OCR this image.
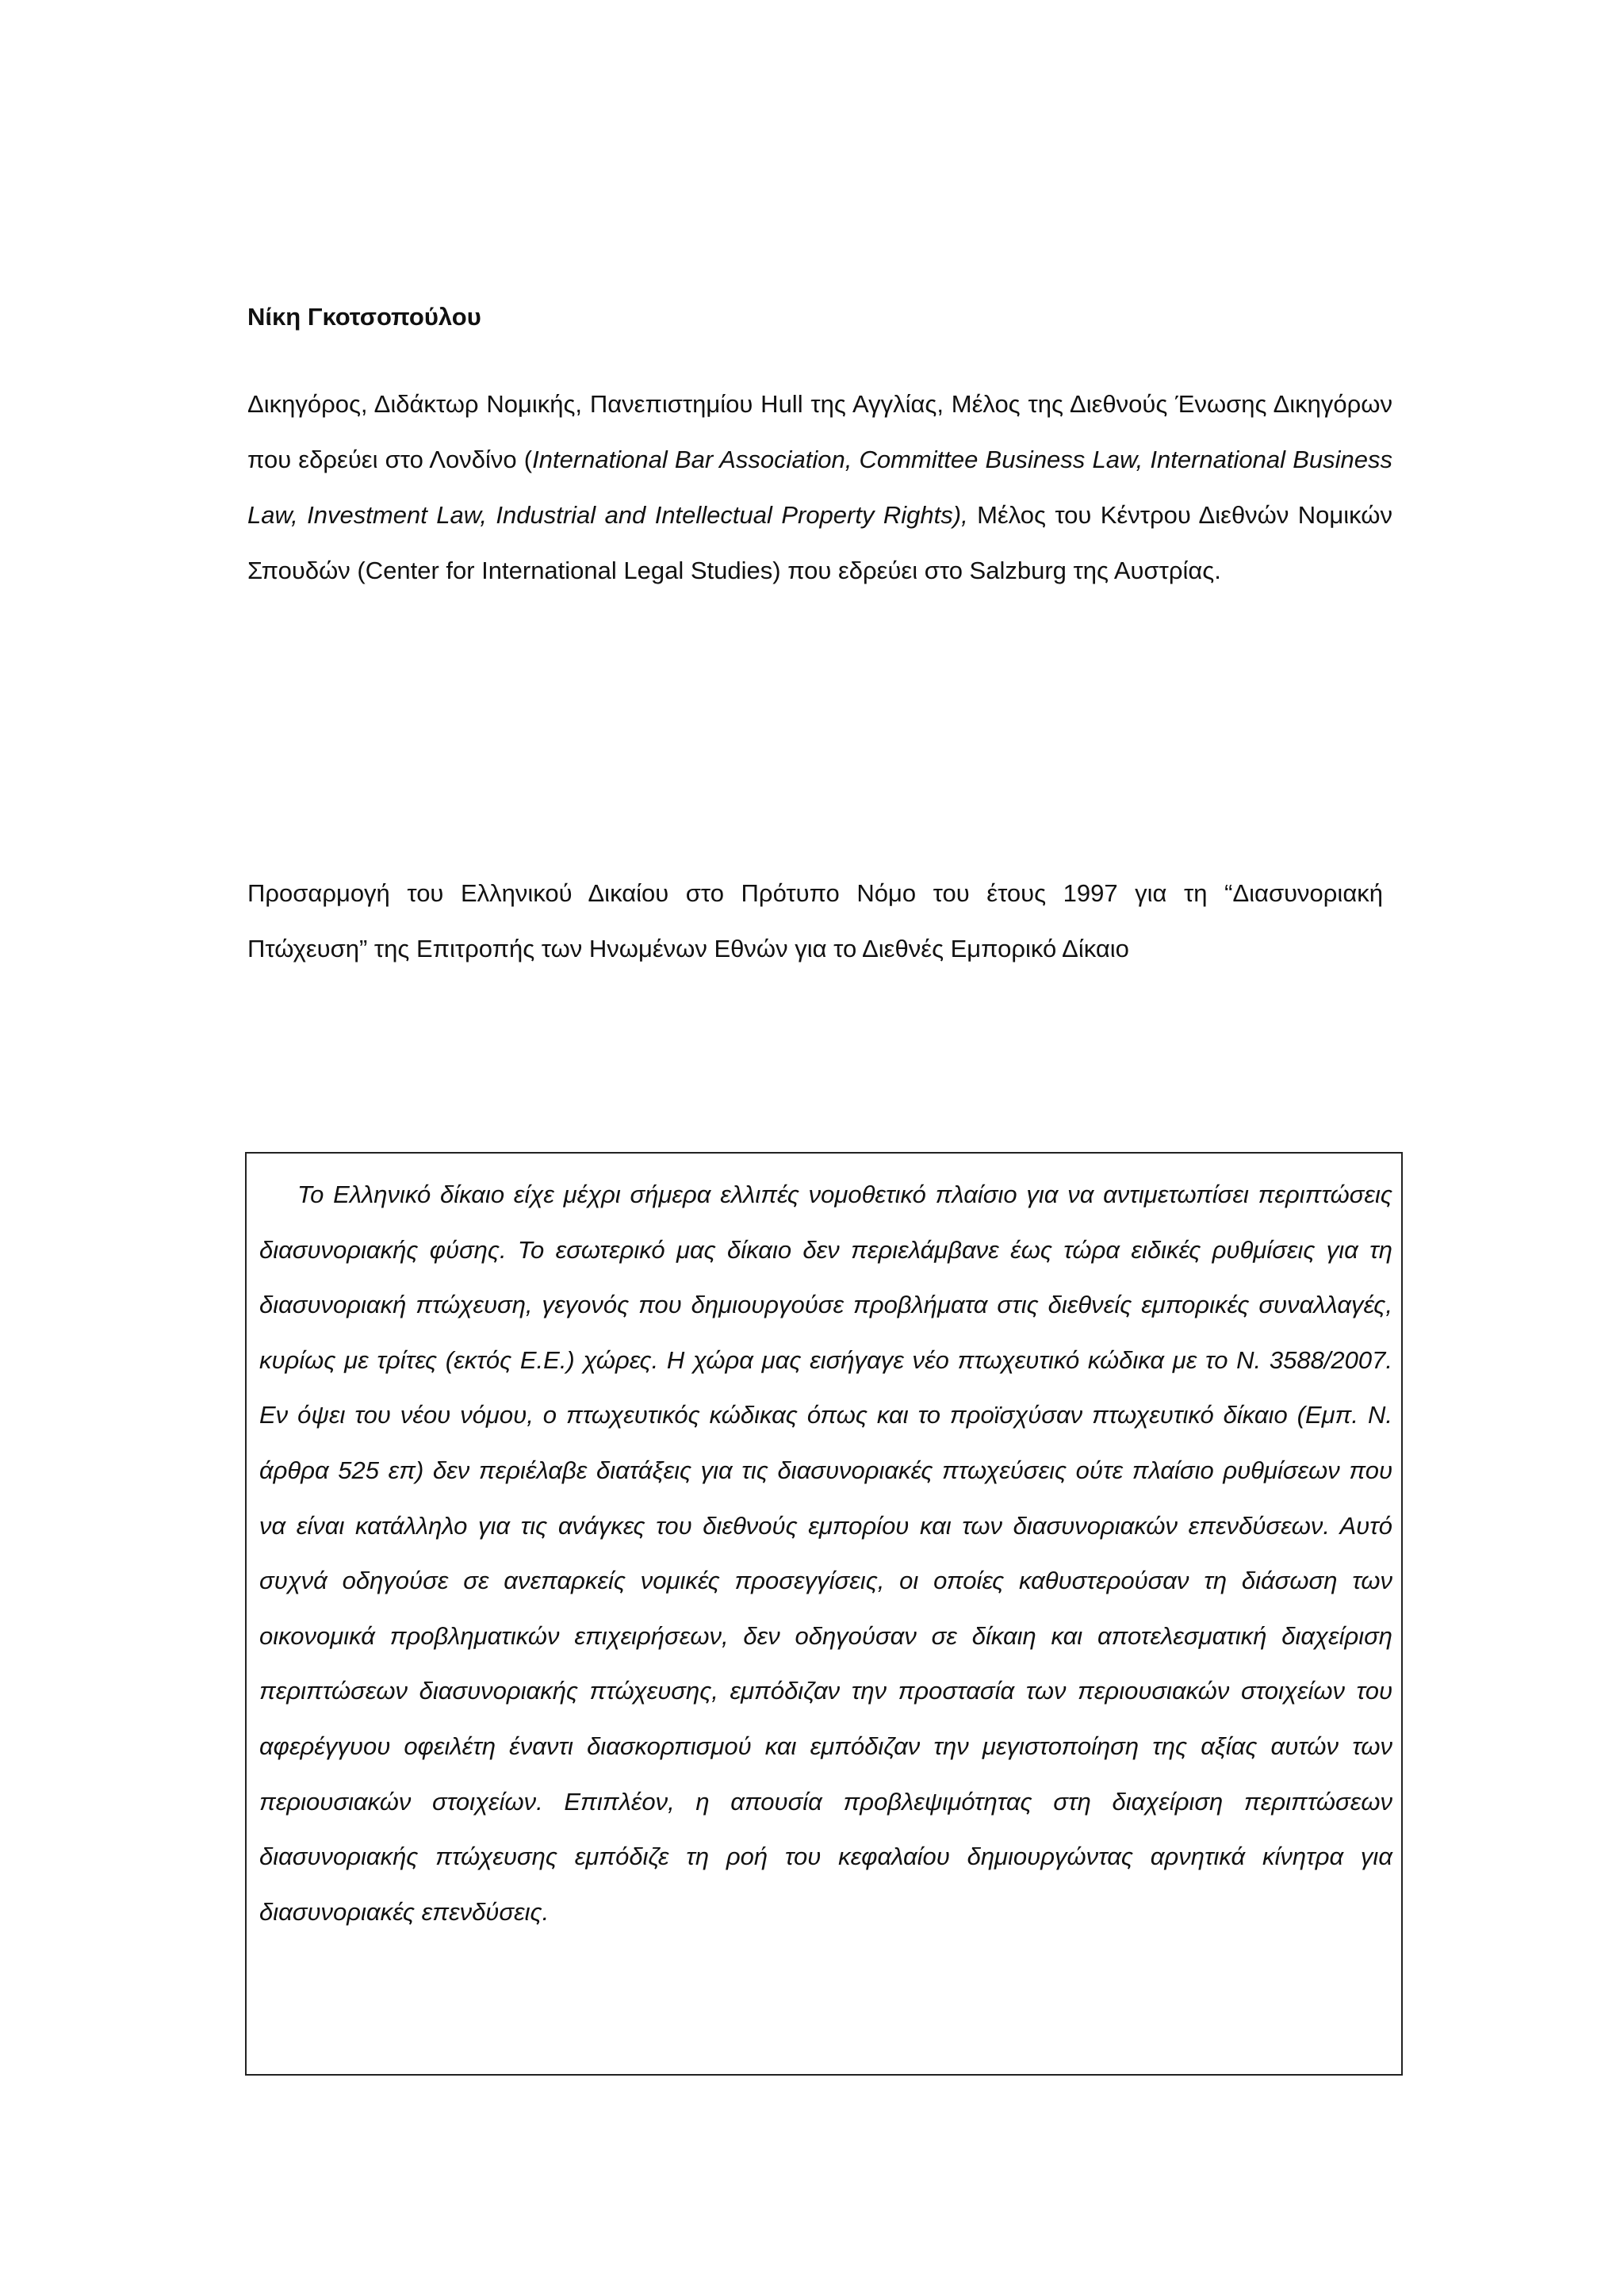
Νίκη Γκοτσοπούλου

Δικηγόρος, Διδάκτωρ Νομικής, Πανεπιστημίου Hull της Αγγλίας, Μέλος της Διεθνούς Ένωσης Δικηγόρων που εδρεύει στο Λονδίνο (International Bar Association, Committee Business Law, International Business Law, Investment Law, Industrial and Intellectual Property Rights), Μέλος του Κέντρου Διεθνών Νομικών Σπουδών (Center for International Legal Studies) που εδρεύει στο Salzburg της Αυστρίας.

Προσαρμογή του Ελληνικού Δικαίου στο Πρότυπο Νόμο του έτους 1997 για τη “Διασυνοριακή Πτώχευση” της Επιτροπής των Ηνωμένων Εθνών για το Διεθνές Εμπορικό Δίκαιο

Το Ελληνικό δίκαιο είχε μέχρι σήμερα ελλιπές νομοθετικό πλαίσιο για να αντιμετωπίσει περιπτώσεις διασυνοριακής φύσης. Το εσωτερικό μας δίκαιο δεν περιελάμβανε έως τώρα ειδικές ρυθμίσεις για τη διασυνοριακή πτώχευση, γεγονός που δημιουργούσε προβλήματα στις διεθνείς εμπορικές συναλλαγές, κυρίως με τρίτες (εκτός Ε.Ε.) χώρες. Η χώρα μας εισήγαγε νέο πτωχευτικό κώδικα με το Ν. 3588/2007. Εν όψει του νέου νόμου, ο πτωχευτικός κώδικας όπως και το προϊσχύσαν πτωχευτικό δίκαιο (Εμπ. Ν. άρθρα 525 επ) δεν περιέλαβε διατάξεις για τις διασυνοριακές πτωχεύσεις ούτε πλαίσιο ρυθμίσεων που να είναι κατάλληλο για τις ανάγκες του διεθνούς εμπορίου και των διασυνοριακών επενδύσεων. Αυτό συχνά οδηγούσε σε ανεπαρκείς νομικές προσεγγίσεις, οι οποίες καθυστερούσαν τη διάσωση των οικονομικά προβληματικών επιχειρήσεων, δεν οδηγούσαν σε δίκαιη και αποτελεσματική διαχείριση περιπτώσεων διασυνοριακής πτώχευσης, εμπόδιζαν την προστασία των περιουσιακών στοιχείων του αφερέγγυου οφειλέτη έναντι διασκορπισμού και εμπόδιζαν την μεγιστοποίηση της αξίας αυτών των περιουσιακών στοιχείων. Επιπλέον, η απουσία προβλεψιμότητας στη διαχείριση περιπτώσεων διασυνοριακής πτώχευσης εμπόδιζε τη ροή του κεφαλαίου δημιουργώντας αρνητικά κίνητρα για διασυνοριακές επενδύσεις.
